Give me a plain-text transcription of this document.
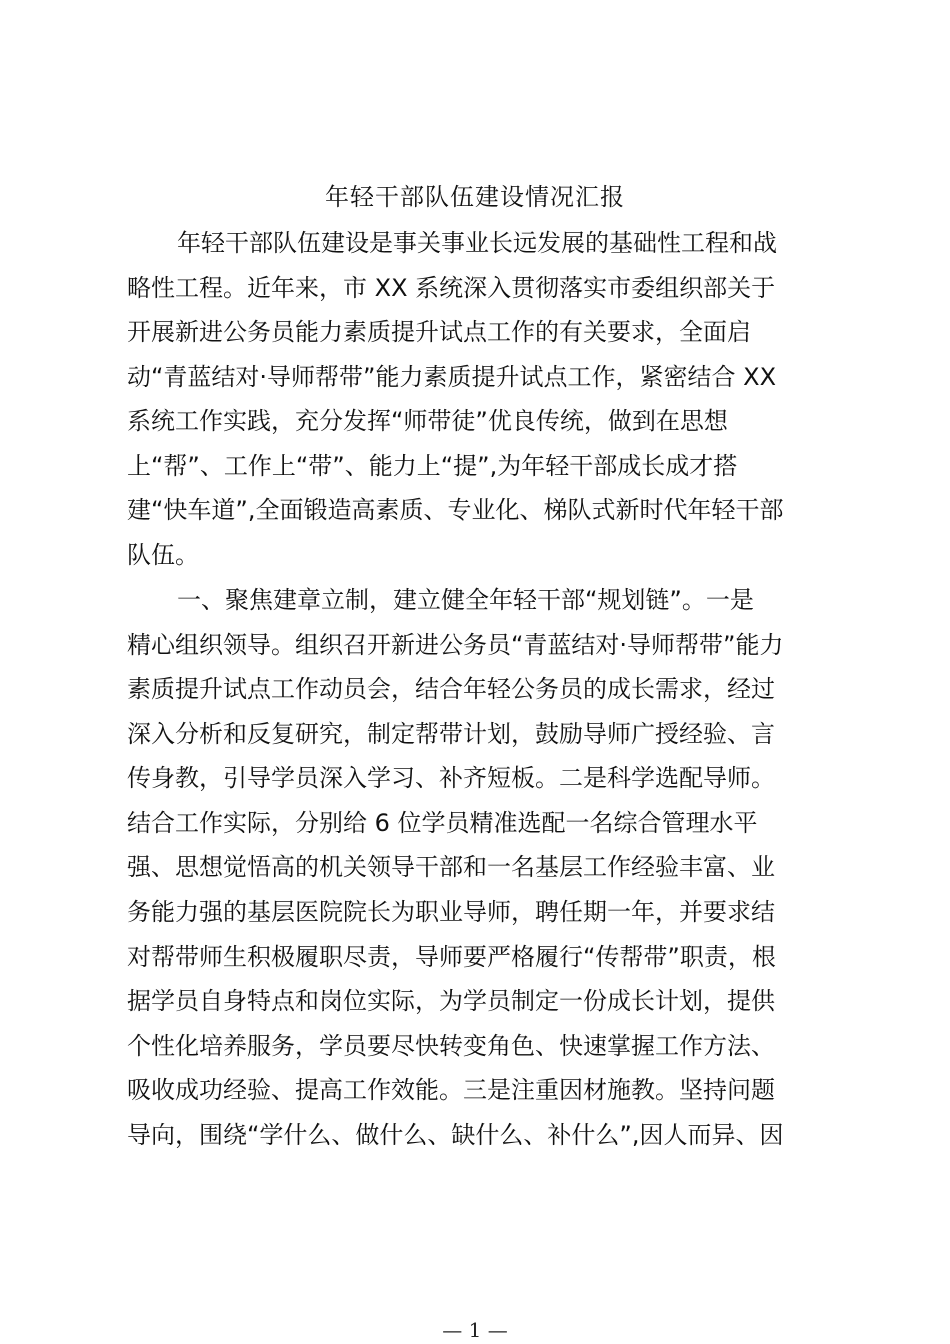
年轻干部队伍建设情况汇报
年轻干部队伍建设是事关事业长远发展的基础性工程和战
略性工程。近年来，市 XX 系统深入贯彻落实市委组织部关于
开展新进公务员能力素质提升试点工作的有关要求，全面启
动“青蓝结对·导师帮带”能力素质提升试点工作，紧密结合 XX
系统工作实践，充分发挥“师带徒”优良传统，做到在思想
上“帮”、工作上“带”、能力上“提”,为年轻干部成长成才搭
建“快车道”,全面锻造高素质、专业化、梯队式新时代年轻干部
队伍。
一、聚焦建章立制，建立健全年轻干部“规划链”。一是
精心组织领导。组织召开新进公务员“青蓝结对·导师帮带”能力
素质提升试点工作动员会，结合年轻公务员的成长需求，经过
深入分析和反复研究，制定帮带计划，鼓励导师广授经验、言
传身教，引导学员深入学习、补齐短板。二是科学选配导师。
结合工作实际，分别给 6 位学员精准选配一名综合管理水平
强、思想觉悟高的机关领导干部和一名基层工作经验丰富、业
务能力强的基层医院院长为职业导师，聘任期一年，并要求结
对帮带师生积极履职尽责，导师要严格履行“传帮带”职责，根
据学员自身特点和岗位实际，为学员制定一份成长计划，提供
个性化培养服务，学员要尽快转变角色、快速掌握工作方法、
吸收成功经验、提高工作效能。三是注重因材施教。坚持问题
导向，围绕“学什么、做什么、缺什么、补什么”,因人而异、因
— 1 —
